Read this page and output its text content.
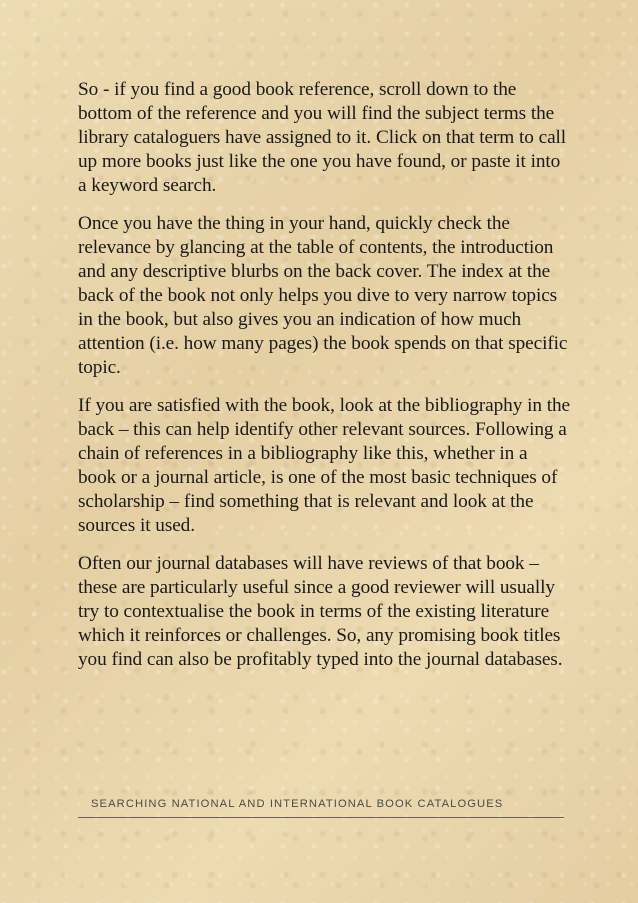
So - if you find a good book reference, scroll down to the bottom of the reference and you will find the subject terms the library cataloguers have assigned to it. Click on that term to call up more books just like the one you have found, or paste it into a keyword search.

Once you have the thing in your hand, quickly check the relevance by glancing at the table of contents, the introduction and any descriptive blurbs on the back cover. The index at the back of the book not only helps you dive to very narrow topics in the book, but also gives you an indication of how much attention (i.e. how many pages) the book spends on that specific topic.

If you are satisfied with the book, look at the bibliography in the back – this can help identify other relevant sources. Following a chain of references in a bibliography like this, whether in a book or a journal article, is one of the most basic techniques of scholarship – find something that is relevant and look at the sources it used.

Often our journal databases will have reviews of that book – these are particularly useful since a good reviewer will usually try to contextualise the book in terms of the existing literature which it reinforces or challenges. So, any promising book titles you find can also be profitably typed into the journal databases.

SEARCHING NATIONAL AND INTERNATIONAL BOOK CATALOGUES
